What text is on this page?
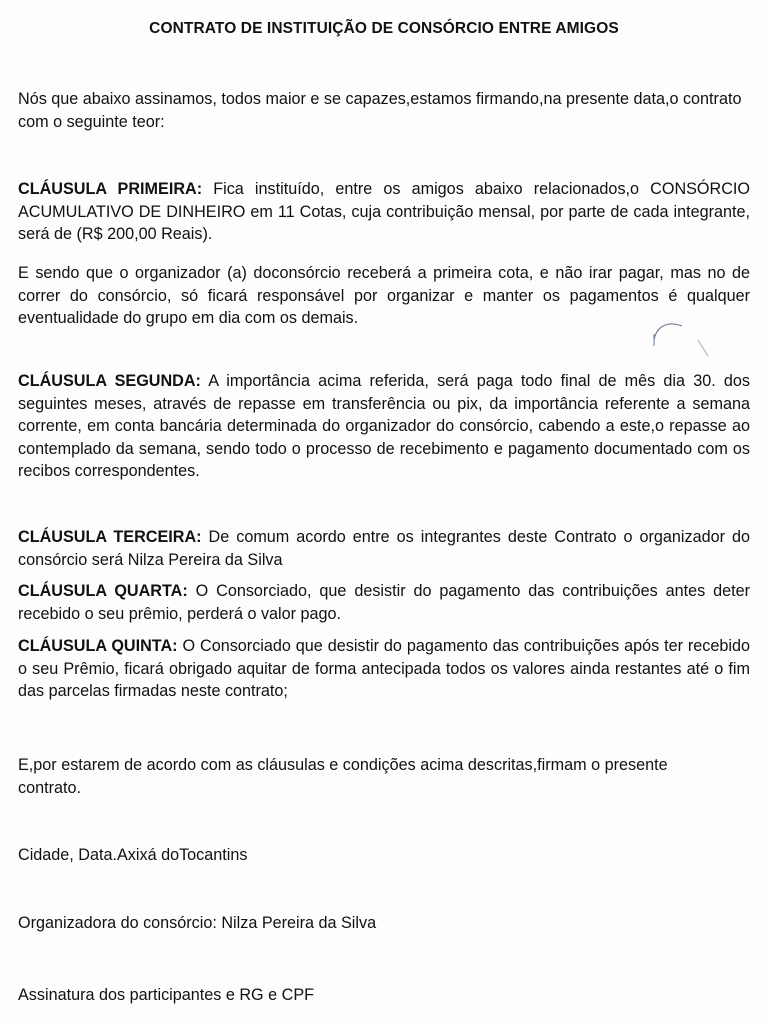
CONTRATO DE INSTITUIÇÃO DE CONSÓRCIO ENTRE AMIGOS
Nós que abaixo assinamos, todos maior e se capazes,estamos firmando,na presente data,o contrato com o seguinte teor:
CLÁUSULA PRIMEIRA: Fica instituído, entre os amigos abaixo relacionados,o CONSÓRCIO ACUMULATIVO DE DINHEIRO em 11 Cotas, cuja contribuição mensal, por parte de cada integrante, será de (R$ 200,00 Reais).
E sendo que o organizador (a) doconsórcio receberá a primeira cota, e não irar pagar, mas no de correr do consórcio, só ficará responsável por organizar e manter os pagamentos é qualquer eventualidade do grupo em dia com os demais.
CLÁUSULA SEGUNDA: A importância acima referida, será paga todo final de mês dia 30. dos seguintes meses, através de repasse em transferência ou pix, da importância referente a semana corrente, em conta bancária determinada do organizador do consórcio, cabendo a este,o repasse ao contemplado da semana, sendo todo o processo de recebimento e pagamento documentado com os recibos correspondentes.
CLÁUSULA TERCEIRA: De comum acordo entre os integrantes deste Contrato o organizador do consórcio será Nilza Pereira da Silva
CLÁUSULA QUARTA: O Consorciado, que desistir do pagamento das contribuições antes deter recebido o seu prêmio, perderá o valor pago.
CLÁUSULA QUINTA: O Consorciado que desistir do pagamento das contribuições após ter recebido o seu Prêmio, ficará obrigado aquitar de forma antecipada todos os valores ainda restantes até o fim das parcelas firmadas neste contrato;
E,por estarem de acordo com as cláusulas e condições acima descritas,firmam o presente contrato.
Cidade, Data.Axixá doTocantins
Organizadora do consórcio: Nilza Pereira da Silva
Assinatura dos participantes e RG e CPF
